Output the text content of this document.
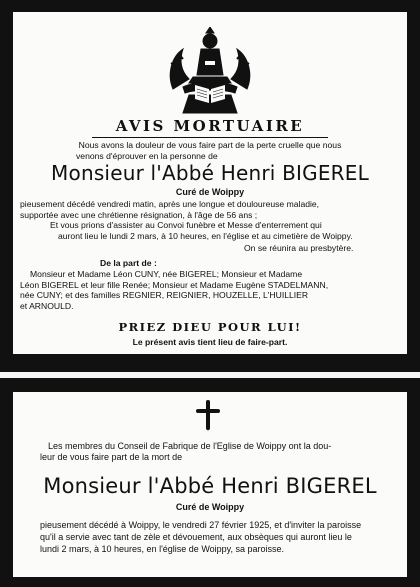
AVIS MORTUAIRE
Nous avons la douleur de vous faire part de la perte cruelle que nous
venons d'éprouver en la personne de
Monsieur l'Abbé Henri BIGEREL
Curé de Woippy
pieusement décédé vendredi matin, après une longue et douloureuse maladie,
supportée avec une chrétienne résignation, à l'âge de 56 ans ;
Et vous prions d'assister au Convoi funèbre et Messe d'enterrement qui
auront lieu le lundi 2 mars, à 10 heures, en l'église et au cimetière de Woippy.
On se réunira au presbytère.
De la part de :
Monsieur et Madame Léon CUNY, née BIGEREL; Monsieur et Madame
Léon BIGEREL et leur fille Renée; Monsieur et Madame Eugène STADELMANN,
née CUNY; et des familles REGNIER, REIGNIER, HOUZELLE, L'HUILLIER
et ARNOULD.
PRIEZ DIEU POUR LUI!
Le présent avis tient lieu de faire-part.
Les membres du Conseil de Fabrique de l'Eglise de Woippy ont la dou-
leur de vous faire part de la mort de
Monsieur l'Abbé Henri BIGEREL
Curé de Woippy
pieusement décédé à Woippy, le vendredi 27 février 1925, et d'inviter la paroisse
qu'il a servie avec tant de zèle et dévouement, aux obsèques qui auront lieu le
lundi 2 mars, à 10 heures, en l'église de Woippy, sa paroisse.
